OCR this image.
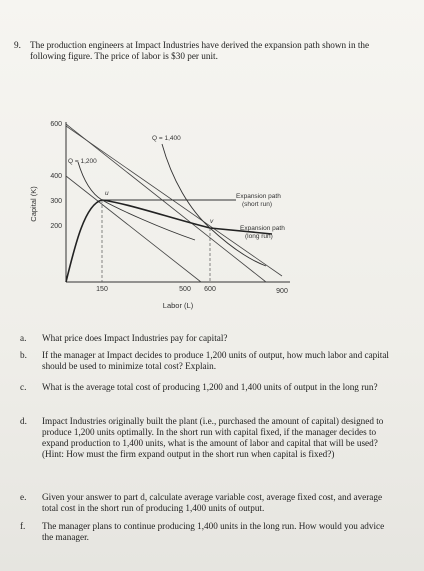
9. The production engineers at Impact Industries have derived the expansion path shown in the following figure. The price of labor is $30 per unit.
600
400
300
200
150	500 600	900
Labor (L)
Capital (K)
Q = 1,200
Q = 1,400
u
v
Expansion path
(short run)
Expansion path
(long run)
a. What price does Impact Industries pay for capital?
b. If the manager at Impact decides to produce 1,200 units of output, how much labor and capital should be used to minimize total cost? Explain.
c. What is the average total cost of producing 1,200 and 1,400 units of output in the long run?
d. Impact Industries originally built the plant (i.e., purchased the amount of capital) designed to produce 1,200 units optimally. In the short run with capital fixed, if the manager decides to expand production to 1,400 units, what is the amount of labor and capital that will be used? (Hint: How must the firm expand output in the short run when capital is fixed?)
e. Given your answer to part d, calculate average variable cost, average fixed cost, and average total cost in the short run of producing 1,400 units of output.
f. The manager plans to continue producing 1,400 units in the long run. How would you advice the manager.
